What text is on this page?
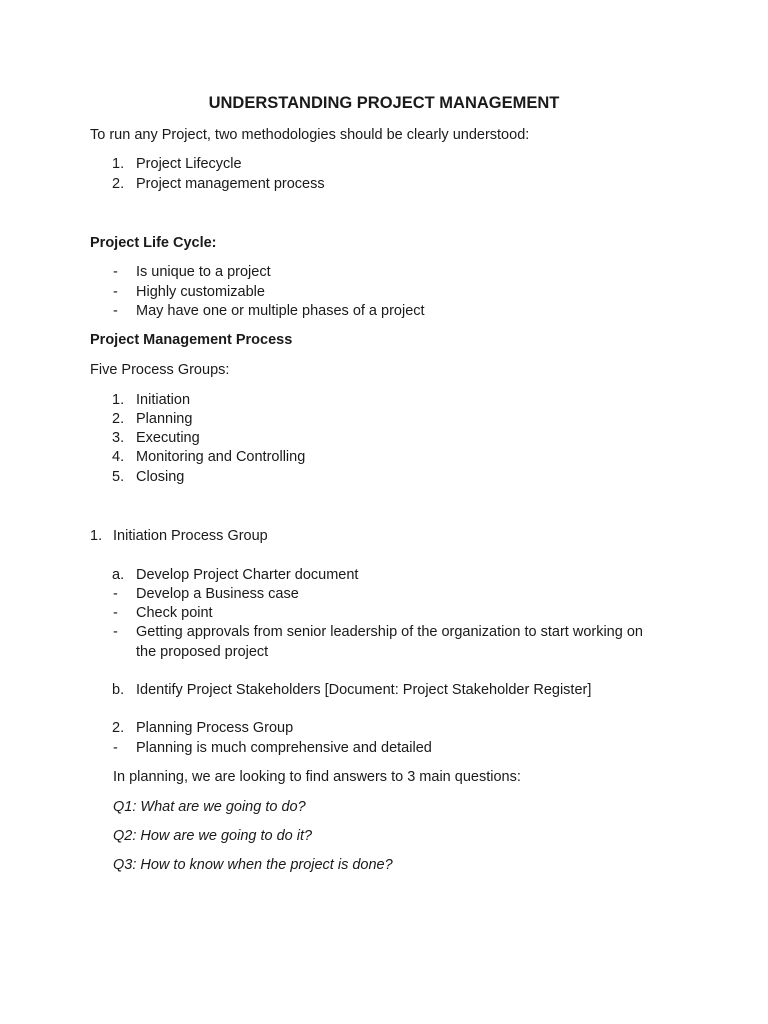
UNDERSTANDING PROJECT MANAGEMENT
To run any Project, two methodologies should be clearly understood:
1. Project Lifecycle
2. Project management process
Project Life Cycle:
- Is unique to a project
- Highly customizable
- May have one or multiple phases of a project
Project Management Process
Five Process Groups:
1. Initiation
2. Planning
3. Executing
4. Monitoring and Controlling
5. Closing
1. Initiation Process Group
a. Develop Project Charter document
- Develop a Business case
- Check point
- Getting approvals from senior leadership of the organization to start working on
the proposed project
b. Identify Project Stakeholders [Document: Project Stakeholder Register]
2. Planning Process Group
- Planning is much comprehensive and detailed
In planning, we are looking to find answers to 3 main questions:
Q1: What are we going to do?
Q2: How are we going to do it?
Q3: How to know when the project is done?
